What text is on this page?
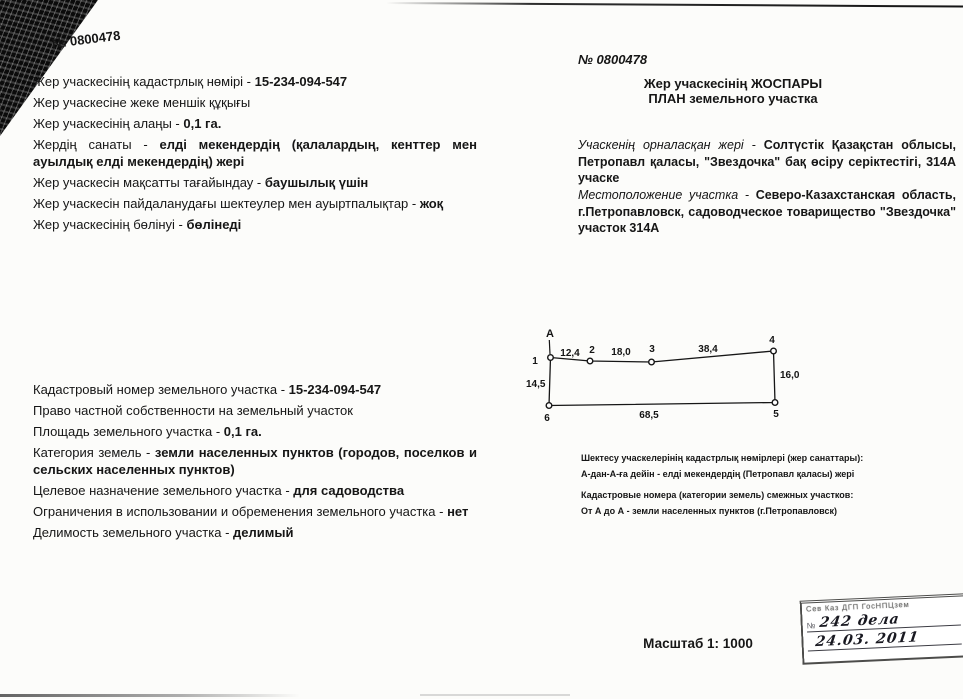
№ 0800478
№ 0800478

Жер учаскесінің кадастрлық нөмірі - 15-234-094-547

Жер учаскесіне жеке меншік құқығы

Жер учаскесінің алаңы - 0,1 га.

Жердің санаты - елді мекендердің (қалалардың, кенттер мен ауылдық елді мекендердің) жері

Жер учаскесін мақсатты тағайындау - баушылық үшін

Жер учаскесін пайдаланудағы шектеулер мен ауыртпалықтар - жоқ

Жер учаскесінің бөлінуі - бөлінеді

Кадастровый номер земельного участка - 15-234-094-547

Право частной собственности на земельный участок

Площадь земельного участка - 0,1 га.

Категория земель - земли населенных пунктов (городов, поселков и сельских населенных пунктов)

Целевое назначение земельного участка - для садоводства

Ограничения в использовании и обременения земельного участка - нет

Делимость земельного участка - делимый

Жер учаскесінің ЖОСПАРЫ
ПЛАН земельного участка

Учаскенің орналасқан жері - Солтүстік Қазақстан облысы, Петропавл қаласы, "Звездочка" бақ өсіру серіктестігі, 314А учаске

Местоположение участка - Северо-Казахстанская область, г.Петропавловск, садоводческое товарищество "Звездочка" участок 314А

A
1
2	3
4
5
6
12,4	18,0	38,4
16,0
68,5
14,5

Шектесу учаскелерінің кадастрлық нөмірлері (жер санаттары):

А-дан-А-ға дейін - елді мекендердің (Петропавл қаласы) жері

Кадастровые номера (категории земель) смежных участков:

От А до А - земли населенных пунктов (г.Петропавловск)

Масштаб 1: 1000
Сев Каз ДГП ГосНПЦзем
№ 242 дела
24.03. 2011
